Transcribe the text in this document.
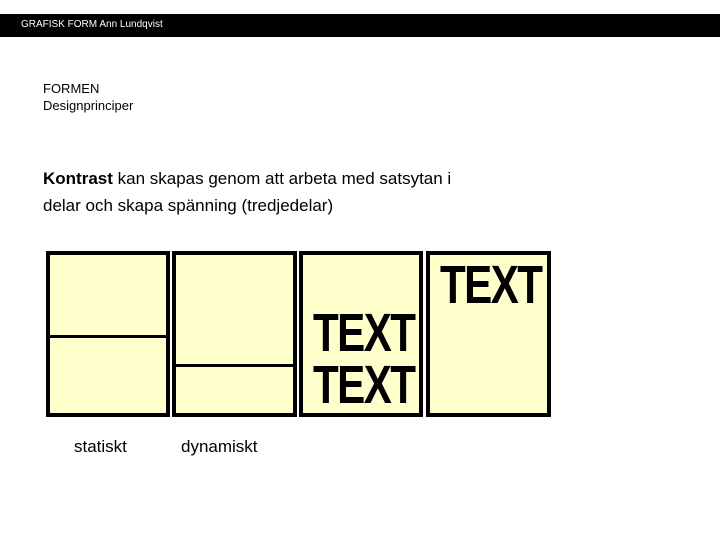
GRAFISK FORM Ann Lundqvist
FORMEN
Designprinciper
Kontrast kan skapas genom att arbeta med satsytan i delar och skapa spänning (tredjedelar)
TEXT
TEXT
TEXT
statiskt	dynamiskt
